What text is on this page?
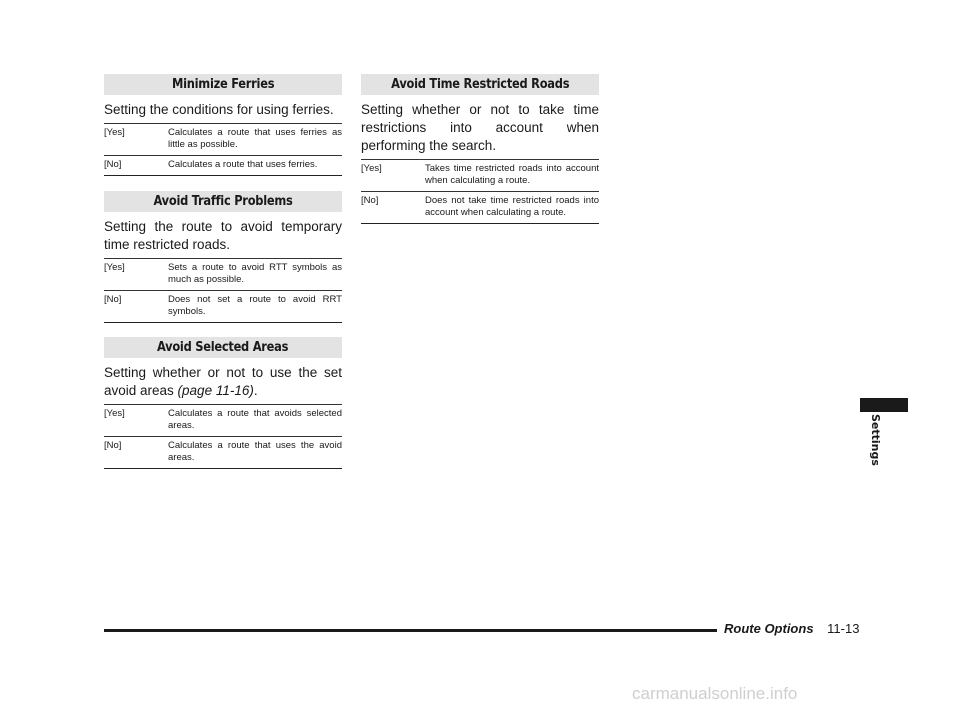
Minimize Ferries
Setting the conditions for using ferries.
[Yes]	Calculates a route that uses ferries as little as possible.
[No]	Calculates a route that uses ferries.
Avoid Traffic Problems
Setting the route to avoid temporary time restricted roads.
[Yes]	Sets a route to avoid RTT symbols as much as possible.
[No]	Does not set a route to avoid RRT symbols.
Avoid Selected Areas
Setting whether or not to use the set avoid areas (page 11-16).
[Yes]	Calculates a route that avoids selected areas.
[No]	Calculates a route that uses the avoid areas.
Avoid Time Restricted Roads
Setting whether or not to take time restrictions into account when performing the search.
[Yes]	Takes time restricted roads into account when calculating a route.
[No]	Does not take time restricted roads into account when calculating a route.
Settings
Route Options 11-13
carmanualsonline.info
